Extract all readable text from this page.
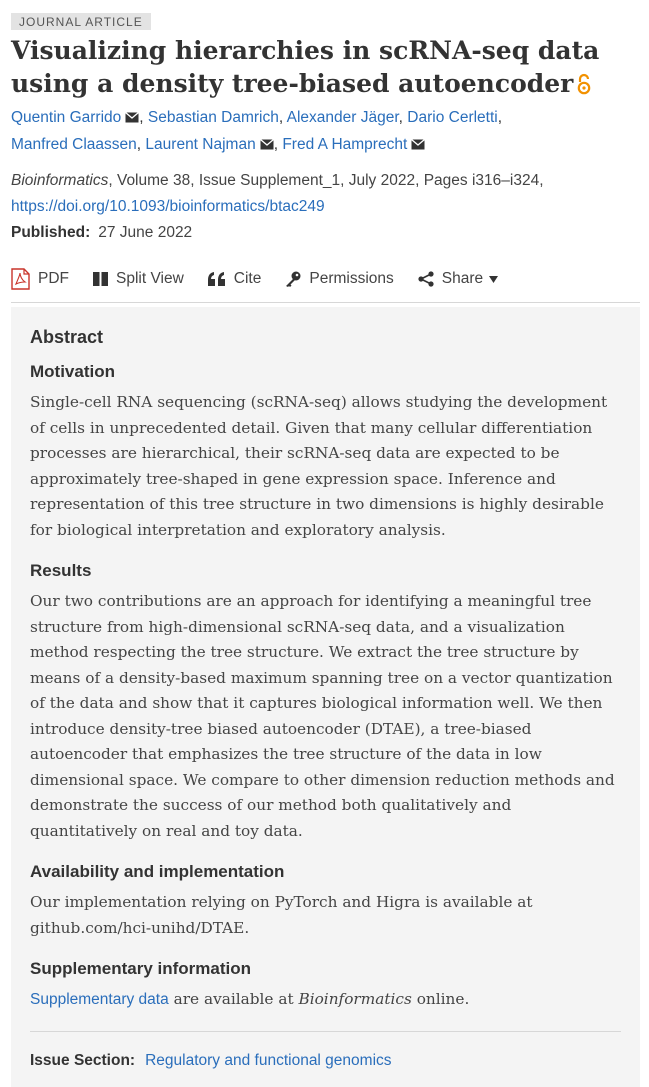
JOURNAL ARTICLE
Visualizing hierarchies in scRNA-seq data using a density tree-biased autoencoder
Quentin Garrido , Sebastian Damrich, Alexander Jäger, Dario Cerletti,
Manfred Claassen, Laurent Najman , Fred A Hamprecht
Bioinformatics, Volume 38, Issue Supplement_1, July 2022, Pages i316–i324,
https://doi.org/10.1093/bioinformatics/btac249
Published: 27 June 2022
PDF	Split View	Cite	Permissions	Share
Abstract
Motivation

Single-cell RNA sequencing (scRNA-seq) allows studying the development of cells in unprecedented detail. Given that many cellular differentiation processes are hierarchical, their scRNA-seq data are expected to be approximately tree-shaped in gene expression space. Inference and representation of this tree structure in two dimensions is highly desirable for biological interpretation and exploratory analysis.

Results

Our two contributions are an approach for identifying a meaningful tree structure from high-dimensional scRNA-seq data, and a visualization method respecting the tree structure. We extract the tree structure by means of a density-based maximum spanning tree on a vector quantization of the data and show that it captures biological information well. We then introduce density-tree biased autoencoder (DTAE), a tree-biased autoencoder that emphasizes the tree structure of the data in low dimensional space. We compare to other dimension reduction methods and demonstrate the success of our method both qualitatively and quantitatively on real and toy data.

Availability and implementation

Our implementation relying on PyTorch and Higra is available at github.com/hci-unihd/DTAE.

Supplementary information

Supplementary data are available at Bioinformatics online.

Issue Section: Regulatory and functional genomics
